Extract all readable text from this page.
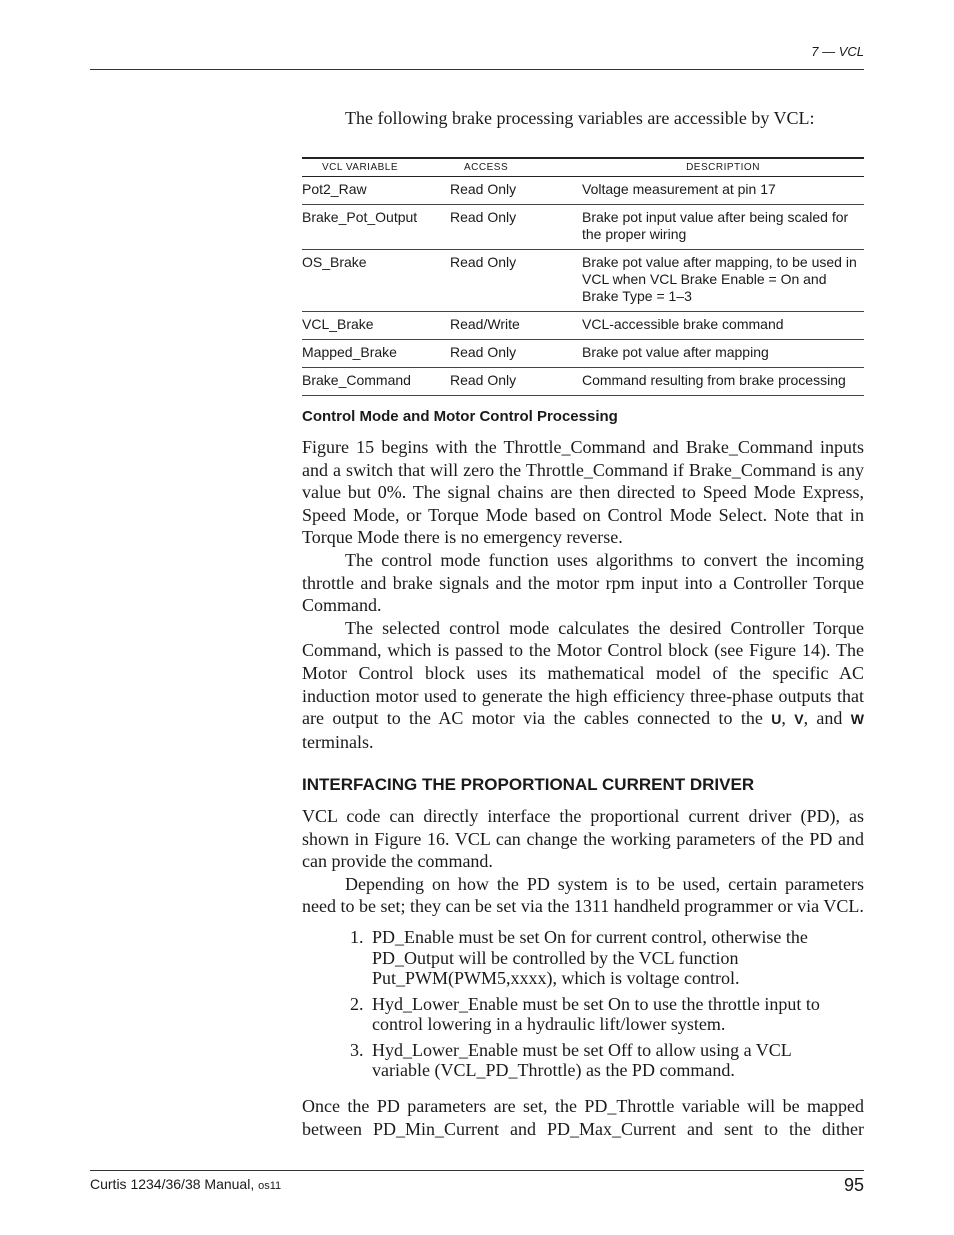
7 — VCL
The following brake processing variables are accessible by VCL:
VCL VARIABLE	ACCESS	DESCRIPTION
Pot2_Raw	Read Only	Voltage measurement at pin 17
Brake_Pot_Output	Read Only	Brake pot input value after being scaled for the proper wiring
OS_Brake	Read Only	Brake pot value after mapping, to be used in VCL when VCL Brake Enable = On and Brake Type = 1–3
VCL_Brake	Read/Write	VCL-accessible brake command
Mapped_Brake	Read Only	Brake pot value after mapping
Brake_Command	Read Only	Command resulting from brake processing
Control Mode and Motor Control Processing

Figure 15 begins with the Throttle_Command and Brake_Command inputs and a switch that will zero the Throttle_Command if Brake_Command is any value but 0%. The signal chains are then directed to Speed Mode Express, Speed Mode, or Torque Mode based on Control Mode Select. Note that in Torque Mode there is no emergency reverse.

The control mode function uses algorithms to convert the incoming throttle and brake signals and the motor rpm input into a Controller Torque Command.

The selected control mode calculates the desired Controller Torque Command, which is passed to the Motor Control block (see Figure 14). The Motor Control block uses its mathematical model of the specific AC induction motor used to generate the high efficiency three-phase outputs that are output to the AC motor via the cables connected to the U, V, and W terminals.

INTERFACING THE PROPORTIONAL CURRENT DRIVER

VCL code can directly interface the proportional current driver (PD), as shown in Figure 16. VCL can change the working parameters of the PD and can provide the command.

Depending on how the PD system is to be used, certain parameters need to be set; they can be set via the 1311 handheld programmer or via VCL.

1. PD_Enable must be set On for current control, otherwise the PD_Output will be controlled by the VCL function Put_PWM(PWM5,xxxx), which is voltage control.
2. Hyd_Lower_Enable must be set On to use the throttle input to control lowering in a hydraulic lift/lower system.
3. Hyd_Lower_Enable must be set Off to allow using a VCL variable (VCL_PD_Throttle) as the PD command.

Once the PD parameters are set, the PD_Throttle variable will be mapped between PD_Min_Current and PD_Max_Current and sent to the dither

Curtis 1234/36/38 Manual, os11	95
